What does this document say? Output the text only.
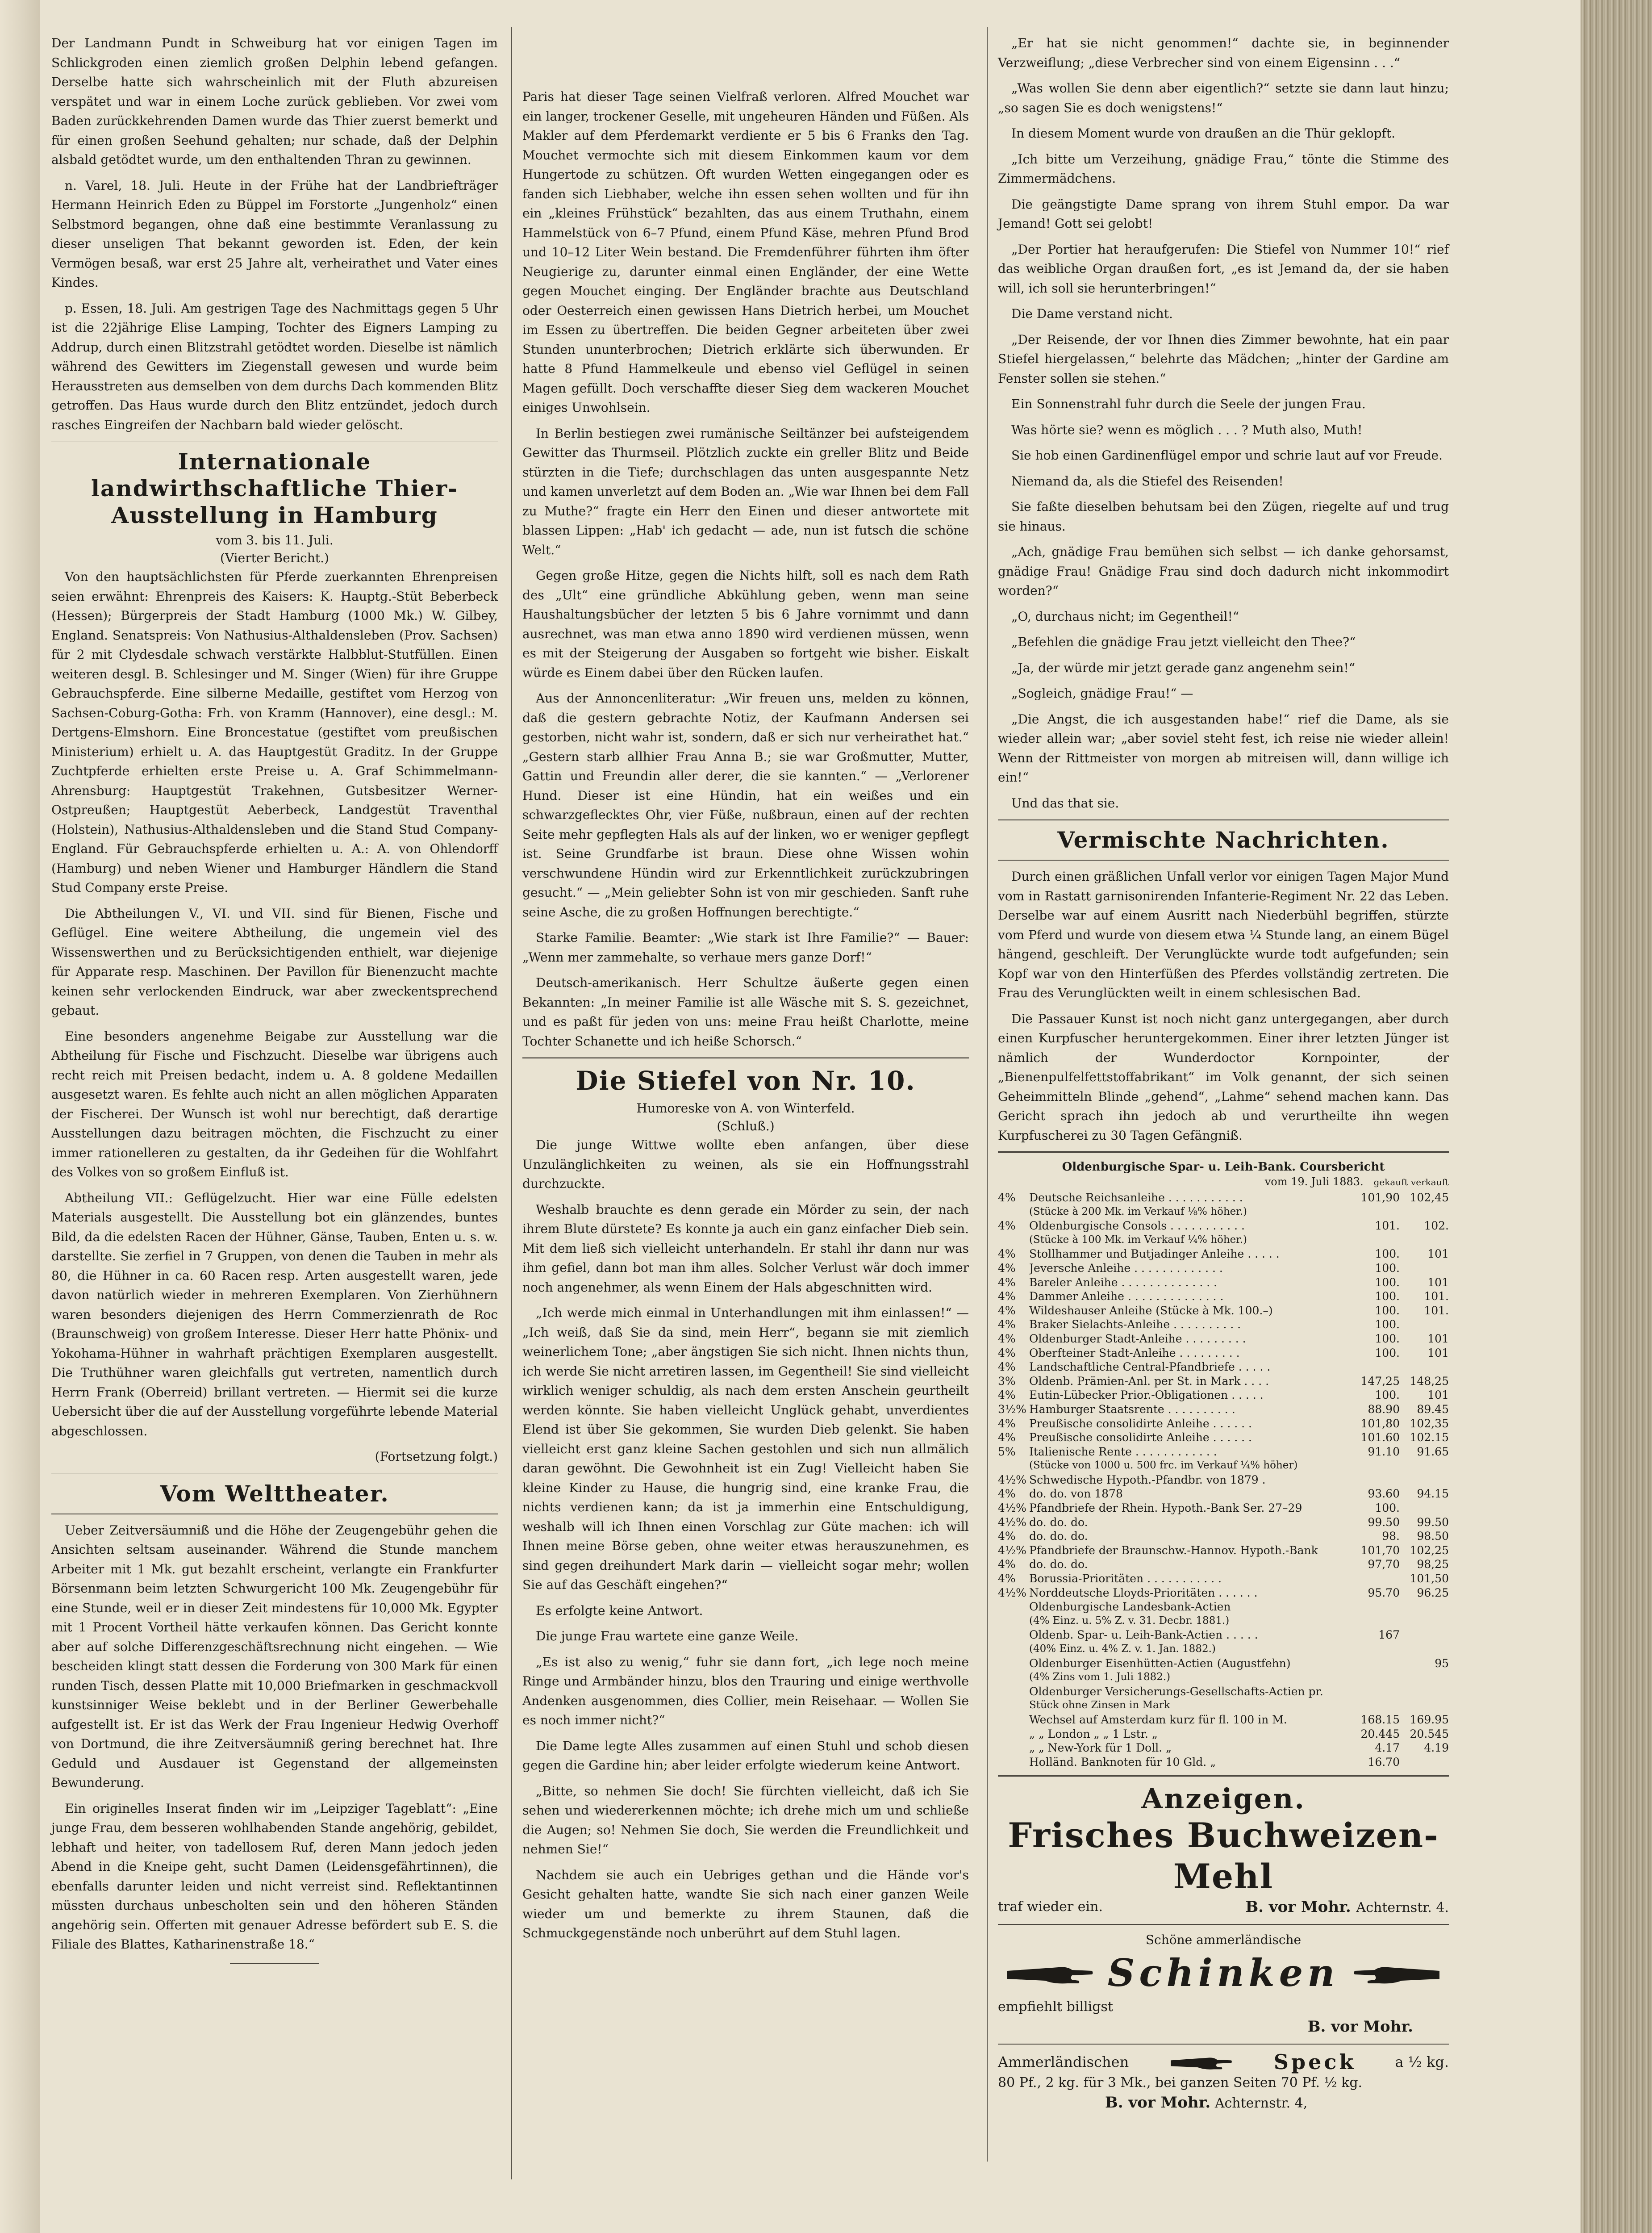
Der Landmann Pundt in Schweiburg hat vor einigen Tagen im Schlickgroden einen ziemlich großen Delphin lebend gefangen. Derselbe hatte sich wahrscheinlich mit der Fluth abzureisen verspätet und war in einem Loche zurück geblieben. Vor zwei vom Baden zurückkehrenden Damen wurde das Thier zuerst bemerkt und für einen großen Seehund gehalten; nur schade, daß der Delphin alsbald getödtet wurde, um den enthaltenden Thran zu gewinnen.

n. Varel, 18. Juli. Heute in der Frühe hat der Landbriefträger Hermann Heinrich Eden zu Büppel im Forstorte „Jungenholz“ einen Selbstmord begangen, ohne daß eine bestimmte Veranlassung zu dieser unseligen That bekannt geworden ist. Eden, der kein Vermögen besaß, war erst 25 Jahre alt, verheirathet und Vater eines Kindes.

p. Essen, 18. Juli. Am gestrigen Tage des Nachmittags gegen 5 Uhr ist die 22jährige Elise Lamping, Tochter des Eigners Lamping zu Addrup, durch einen Blitzstrahl getödtet worden. Dieselbe ist nämlich während des Gewitters im Ziegenstall gewesen und wurde beim Herausstreten aus demselben von dem durchs Dach kommenden Blitz getroffen. Das Haus wurde durch den Blitz entzündet, jedoch durch rasches Eingreifen der Nachbarn bald wieder gelöscht.

Internationale landwirthschaftliche Thier-Ausstellung in Hamburg
vom 3. bis 11. Juli.
(Vierter Bericht.)

Von den hauptsächlichsten für Pferde zuerkannten Ehrenpreisen seien erwähnt: Ehrenpreis des Kaisers: K. Hauptg.-Stüt Beberbeck (Hessen); Bürgerpreis der Stadt Hamburg (1000 Mk.) W. Gilbey, England. Senatspreis: Von Nathusius-Althaldensleben (Prov. Sachsen) für 2 mit Clydesdale schwach verstärkte Halbblut-Stutfüllen. Einen weiteren desgl. B. Schlesinger und M. Singer (Wien) für ihre Gruppe Gebrauchspferde. Eine silberne Medaille, gestiftet vom Herzog von Sachsen-Coburg-Gotha: Frh. von Kramm (Hannover), eine desgl.: M. Dertgens-Elmshorn. Eine Broncestatue (gestiftet vom preußischen Ministerium) erhielt u. A. das Hauptgestüt Graditz. In der Gruppe Zuchtpferde erhielten erste Preise u. A. Graf Schimmelmann-Ahrensburg: Hauptgestüt Trakehnen, Gutsbesitzer Werner-Ostpreußen; Hauptgestüt Aeberbeck, Landgestüt Traventhal (Holstein), Nathusius-Althaldensleben und die Stand Stud Company-England. Für Gebrauchspferde erhielten u. A.: A. von Ohlendorff (Hamburg) und neben Wiener und Hamburger Händlern die Stand Stud Company erste Preise.

Die Abtheilungen V., VI. und VII. sind für Bienen, Fische und Geflügel. Eine weitere Abtheilung, die ungemein viel des Wissenswerthen und zu Berücksichtigenden enthielt, war diejenige für Apparate resp. Maschinen. Der Pavillon für Bienenzucht machte keinen sehr verlockenden Eindruck, war aber zweckentsprechend gebaut.

Eine besonders angenehme Beigabe zur Ausstellung war die Abtheilung für Fische und Fischzucht. Dieselbe war übrigens auch recht reich mit Preisen bedacht, indem u. A. 8 goldene Medaillen ausgesetzt waren. Es fehlte auch nicht an allen möglichen Apparaten der Fischerei. Der Wunsch ist wohl nur berechtigt, daß derartige Ausstellungen dazu beitragen möchten, die Fischzucht zu einer immer rationelleren zu gestalten, da ihr Gedeihen für die Wohlfahrt des Volkes von so großem Einfluß ist.

Abtheilung VII.: Geflügelzucht. Hier war eine Fülle edelsten Materials ausgestellt. Die Ausstellung bot ein glänzendes, buntes Bild, da die edelsten Racen der Hühner, Gänse, Tauben, Enten u. s. w. darstellte. Sie zerfiel in 7 Gruppen, von denen die Tauben in mehr als 80, die Hühner in ca. 60 Racen resp. Arten ausgestellt waren, jede davon natürlich wieder in mehreren Exemplaren. Von Zierhühnern waren besonders diejenigen des Herrn Commerzienrath de Roc (Braunschweig) von großem Interesse. Dieser Herr hatte Phönix- und Yokohama-Hühner in wahrhaft prächtigen Exemplaren ausgestellt. Die Truthühner waren gleichfalls gut vertreten, namentlich durch Herrn Frank (Oberreid) brillant vertreten. — Hiermit sei die kurze Uebersicht über die auf der Ausstellung vorgeführte lebende Material abgeschlossen.

(Fortsetzung folgt.)
Vom Welttheater.

Ueber Zeitversäumniß und die Höhe der Zeugengebühr gehen die Ansichten seltsam auseinander. Während die Stunde manchem Arbeiter mit 1 Mk. gut bezahlt erscheint, verlangte ein Frankfurter Börsenmann beim letzten Schwurgericht 100 Mk. Zeugengebühr für eine Stunde, weil er in dieser Zeit mindestens für 10,000 Mk. Egypter mit 1 Procent Vortheil hätte verkaufen können. Das Gericht konnte aber auf solche Differenzgeschäftsrechnung nicht eingehen. — Wie bescheiden klingt statt dessen die Forderung von 300 Mark für einen runden Tisch, dessen Platte mit 10,000 Briefmarken in geschmackvoll kunstsinniger Weise beklebt und in der Berliner Gewerbehalle aufgestellt ist. Er ist das Werk der Frau Ingenieur Hedwig Overhoff von Dortmund, die ihre Zeitversäumniß gering berechnet hat. Ihre Geduld und Ausdauer ist Gegenstand der allgemeinsten Bewunderung.

Ein originelles Inserat finden wir im „Leipziger Tageblatt“: „Eine junge Frau, dem besseren wohlhabenden Stande angehörig, gebildet, lebhaft und heiter, von tadellosem Ruf, deren Mann jedoch jeden Abend in die Kneipe geht, sucht Damen (Leidensgefährtinnen), die ebenfalls darunter leiden und nicht verreist sind. Reflektantinnen müssten durchaus unbescholten sein und den höheren Ständen angehörig sein. Offerten mit genauer Adresse befördert sub E. S. die Filiale des Blattes, Katharinenstraße 18.“

Paris hat dieser Tage seinen Vielfraß verloren. Alfred Mouchet war ein langer, trockener Geselle, mit ungeheuren Händen und Füßen. Als Makler auf dem Pferdemarkt verdiente er 5 bis 6 Franks den Tag. Mouchet vermochte sich mit diesem Einkommen kaum vor dem Hungertode zu schützen. Oft wurden Wetten eingegangen oder es fanden sich Liebhaber, welche ihn essen sehen wollten und für ihn ein „kleines Frühstück“ bezahlten, das aus einem Truthahn, einem Hammelstück von 6–7 Pfund, einem Pfund Käse, mehren Pfund Brod und 10–12 Liter Wein bestand. Die Fremdenführer führten ihm öfter Neugierige zu, darunter einmal einen Engländer, der eine Wette gegen Mouchet einging. Der Engländer brachte aus Deutschland oder Oesterreich einen gewissen Hans Dietrich herbei, um Mouchet im Essen zu übertreffen. Die beiden Gegner arbeiteten über zwei Stunden ununterbrochen; Dietrich erklärte sich überwunden. Er hatte 8 Pfund Hammelkeule und ebenso viel Geflügel in seinen Magen gefüllt. Doch verschaffte dieser Sieg dem wackeren Mouchet einiges Unwohlsein.

In Berlin bestiegen zwei rumänische Seiltänzer bei aufsteigendem Gewitter das Thurmseil. Plötzlich zuckte ein greller Blitz und Beide stürzten in die Tiefe; durchschlagen das unten ausgespannte Netz und kamen unverletzt auf dem Boden an. „Wie war Ihnen bei dem Fall zu Muthe?“ fragte ein Herr den Einen und dieser antwortete mit blassen Lippen: „Hab' ich gedacht — ade, nun ist futsch die schöne Welt.“

Gegen große Hitze, gegen die Nichts hilft, soll es nach dem Rath des „Ult“ eine gründliche Abkühlung geben, wenn man seine Haushaltungsbücher der letzten 5 bis 6 Jahre vornimmt und dann ausrechnet, was man etwa anno 1890 wird verdienen müssen, wenn es mit der Steigerung der Ausgaben so fortgeht wie bisher. Eiskalt würde es Einem dabei über den Rücken laufen.

Aus der Annoncenliteratur: „Wir freuen uns, melden zu können, daß die gestern gebrachte Notiz, der Kaufmann Andersen sei gestorben, nicht wahr ist, sondern, daß er sich nur verheirathet hat.“ „Gestern starb allhier Frau Anna B.; sie war Großmutter, Mutter, Gattin und Freundin aller derer, die sie kannten.“ — „Verlorener Hund. Dieser ist eine Hündin, hat ein weißes und ein schwarzgeflecktes Ohr, vier Füße, nußbraun, einen auf der rechten Seite mehr gepflegten Hals als auf der linken, wo er weniger gepflegt ist. Seine Grundfarbe ist braun. Diese ohne Wissen wohin verschwundene Hündin wird zur Erkenntlichkeit zurückzubringen gesucht.“ — „Mein geliebter Sohn ist von mir geschieden. Sanft ruhe seine Asche, die zu großen Hoffnungen berechtigte.“

Starke Familie. Beamter: „Wie stark ist Ihre Familie?“ — Bauer: „Wenn mer zammehalte, so verhaue mers ganze Dorf!“

Deutsch-amerikanisch. Herr Schultze äußerte gegen einen Bekannten: „In meiner Familie ist alle Wäsche mit S. S. gezeichnet, und es paßt für jeden von uns: meine Frau heißt Charlotte, meine Tochter Schanette und ich heiße Schorsch.“

Die Stiefel von Nr. 10.
Humoreske von A. von Winterfeld.
(Schluß.)

Die junge Wittwe wollte eben anfangen, über diese Unzulänglichkeiten zu weinen, als sie ein Hoffnungsstrahl durchzuckte.

Weshalb brauchte es denn gerade ein Mörder zu sein, der nach ihrem Blute dürstete? Es konnte ja auch ein ganz einfacher Dieb sein. Mit dem ließ sich vielleicht unterhandeln. Er stahl ihr dann nur was ihm gefiel, dann bot man ihm alles. Solcher Verlust wär doch immer noch angenehmer, als wenn Einem der Hals abgeschnitten wird.

„Ich werde mich einmal in Unterhandlungen mit ihm einlassen!“ — „Ich weiß, daß Sie da sind, mein Herr“, begann sie mit ziemlich weinerlichem Tone; „aber ängstigen Sie sich nicht. Ihnen nichts thun, ich werde Sie nicht arretiren lassen, im Gegentheil! Sie sind vielleicht wirklich weniger schuldig, als nach dem ersten Anschein geurtheilt werden könnte. Sie haben vielleicht Unglück gehabt, unverdientes Elend ist über Sie gekommen, Sie wurden Dieb gelenkt. Sie haben vielleicht erst ganz kleine Sachen gestohlen und sich nun allmälich daran gewöhnt. Die Gewohnheit ist ein Zug! Vielleicht haben Sie kleine Kinder zu Hause, die hungrig sind, eine kranke Frau, die nichts verdienen kann; da ist ja immerhin eine Entschuldigung, weshalb will ich Ihnen einen Vorschlag zur Güte machen: ich will Ihnen meine Börse geben, ohne weiter etwas herauszunehmen, es sind gegen dreihundert Mark darin — vielleicht sogar mehr; wollen Sie auf das Geschäft eingehen?“

Es erfolgte keine Antwort.

Die junge Frau wartete eine ganze Weile.

„Es ist also zu wenig,“ fuhr sie dann fort, „ich lege noch meine Ringe und Armbänder hinzu, blos den Trauring und einige werthvolle Andenken ausgenommen, dies Collier, mein Reisehaar. — Wollen Sie es noch immer nicht?“

Die Dame legte Alles zusammen auf einen Stuhl und schob diesen gegen die Gardine hin; aber leider erfolgte wiederum keine Antwort.

„Bitte, so nehmen Sie doch! Sie fürchten vielleicht, daß ich Sie sehen und wiedererkennen möchte; ich drehe mich um und schließe die Augen; so! Nehmen Sie doch, Sie werden die Freundlichkeit und nehmen Sie!“

Nachdem sie auch ein Uebriges gethan und die Hände vor's Gesicht gehalten hatte, wandte Sie sich nach einer ganzen Weile wieder um und bemerkte zu ihrem Staunen, daß die Schmuckgegenstände noch unberührt auf dem Stuhl lagen.

„Er hat sie nicht genommen!“ dachte sie, in beginnender Verzweiflung; „diese Verbrecher sind von einem Eigensinn . . .“

„Was wollen Sie denn aber eigentlich?“ setzte sie dann laut hinzu; „so sagen Sie es doch wenigstens!“

In diesem Moment wurde von draußen an die Thür geklopft.

„Ich bitte um Verzeihung, gnädige Frau,“ tönte die Stimme des Zimmermädchens.

Die geängstigte Dame sprang von ihrem Stuhl empor. Da war Jemand! Gott sei gelobt!

„Der Portier hat heraufgerufen: Die Stiefel von Nummer 10!“ rief das weibliche Organ draußen fort, „es ist Jemand da, der sie haben will, ich soll sie herunterbringen!“

Die Dame verstand nicht.

„Der Reisende, der vor Ihnen dies Zimmer bewohnte, hat ein paar Stiefel hiergelassen,“ belehrte das Mädchen; „hinter der Gardine am Fenster sollen sie stehen.“

Ein Sonnenstrahl fuhr durch die Seele der jungen Frau.

Was hörte sie? wenn es möglich . . . ? Muth also, Muth!

Sie hob einen Gardinenflügel empor und schrie laut auf vor Freude.

Niemand da, als die Stiefel des Reisenden!

Sie faßte dieselben behutsam bei den Zügen, riegelte auf und trug sie hinaus.

„Ach, gnädige Frau bemühen sich selbst — ich danke gehorsamst, gnädige Frau! Gnädige Frau sind doch dadurch nicht inkommodirt worden?“

„O, durchaus nicht; im Gegentheil!“

„Befehlen die gnädige Frau jetzt vielleicht den Thee?“

„Ja, der würde mir jetzt gerade ganz angenehm sein!“

„Sogleich, gnädige Frau!“ —

„Die Angst, die ich ausgestanden habe!“ rief die Dame, als sie wieder allein war; „aber soviel steht fest, ich reise nie wieder allein! Wenn der Rittmeister von morgen ab mitreisen will, dann willige ich ein!“

Und das that sie.

Vermischte Nachrichten.

Durch einen gräßlichen Unfall verlor vor einigen Tagen Major Mund vom in Rastatt garnisonirenden Infanterie-Regiment Nr. 22 das Leben. Derselbe war auf einem Ausritt nach Niederbühl begriffen, stürzte vom Pferd und wurde von diesem etwa ¼ Stunde lang, an einem Bügel hängend, geschleift. Der Verunglückte wurde todt aufgefunden; sein Kopf war von den Hinterfüßen des Pferdes vollständig zertreten. Die Frau des Verunglückten weilt in einem schlesischen Bad.

Die Passauer Kunst ist noch nicht ganz untergegangen, aber durch einen Kurpfuscher heruntergekommen. Einer ihrer letzten Jünger ist nämlich der Wunderdoctor Kornpointer, der „Bienenpulfelfettstoffabrikant“ im Volk genannt, der sich seinen Geheimmitteln Blinde „gehend“, „Lahme“ sehend machen kann. Das Gericht sprach ihn jedoch ab und verurtheilte ihn wegen Kurpfuscherei zu 30 Tagen Gefängniß.

Oldenburgische Spar- u. Leih-Bank. Coursbericht
vom 19. Juli 1883. gekauft verkauft
4%	Deutsche Reichsanleihe . . . . . . . . . . .	101,90	102,45
(Stücke à 200 Mk. im Verkauf ⅛% höher.)			
4%	Oldenburgische Consols . . . . . . . . . . .	101.	102.
(Stücke à 100 Mk. im Verkauf ¼% höher.)			
4%	Stollhammer und Butjadinger Anleihe . . . . .	100.	101
4%	Jeversche Anleihe . . . . . . . . . . . . .	100.	
4%	Bareler Anleihe . . . . . . . . . . . . . .	100.	101
4%	Dammer Anleihe . . . . . . . . . . . . . .	100.	101.
4%	Wildeshauser Anleihe (Stücke à Mk. 100.–)	100.	101.
4%	Braker Sielachts-Anleihe . . . . . . . . . .	100.	
4%	Oldenburger Stadt-Anleihe . . . . . . . . .	100.	101
4%	Oberfteiner Stadt-Anleihe . . . . . . . . .	100.	101
4%	Landschaftliche Central-Pfandbriefe . . . . .		
3%	Oldenb. Prämien-Anl. per St. in Mark . . . .	147,25	148,25
4%	Eutin-Lübecker Prior.-Obligationen . . . . .	100.	101
3½%	Hamburger Staatsrente . . . . . . . . . .	88.90	89.45
4%	Preußische consolidirte Anleihe . . . . . .	101,80	102,35
4%	Preußische consolidirte Anleihe . . . . . .	101.60	102.15
5%	Italienische Rente . . . . . . . . . . . .	91.10	91.65
(Stücke von 1000 u. 500 frc. im Verkauf ¼% höher)			
4½%	Schwedische Hypoth.-Pfandbr. von 1879 .		
4%	do. do. von 1878	93.60	94.15
4½%	Pfandbriefe der Rhein. Hypoth.-Bank Ser. 27–29	100.	
4½%	do. do. do.	99.50	99.50
4%	do. do. do.	98.	98.50
4½%	Pfandbriefe der Braunschw.-Hannov. Hypoth.-Bank	101,70	102,25
4%	do. do. do.	97,70	98,25
4%	Borussia-Prioritäten . . . . . . . . . . .		101,50
4½%	Norddeutsche Lloyds-Prioritäten . . . . . .	95.70	96.25
	Oldenburgische Landesbank-Actien		
(4% Einz. u. 5% Z. v. 31. Decbr. 1881.)			
	Oldenb. Spar- u. Leih-Bank-Actien . . . . .	167	
(40% Einz. u. 4% Z. v. 1. Jan. 1882.)			
	Oldenburger Eisenhütten-Actien (Augustfehn)		95
(4% Zins vom 1. Juli 1882.)			
	Oldenburger Versicherungs-Gesellschafts-Actien pr.		
Stück ohne Zinsen in Mark			
	Wechsel auf Amsterdam kurz für fl. 100 in M.	168.15	169.95
	„ „ London „ „ 1 Lstr. „	20.445	20.545
	„ „ New-York für 1 Doll. „	4.17	4.19
	Holländ. Banknoten für 10 Gld. „	16.70	
Anzeigen.
Frisches Buchweizen-Mehl
traf wieder ein.	B. vor Mohr. Achternstr. 4.
Schöne ammerländische
Schinken
empfiehlt billigst
B. vor Mohr.
Ammerländischen	Speck	a ½ kg.
80 Pf., 2 kg. für 3 Mk., bei ganzen Seiten 70 Pf. ½ kg.
B. vor Mohr. Achternstr. 4,
